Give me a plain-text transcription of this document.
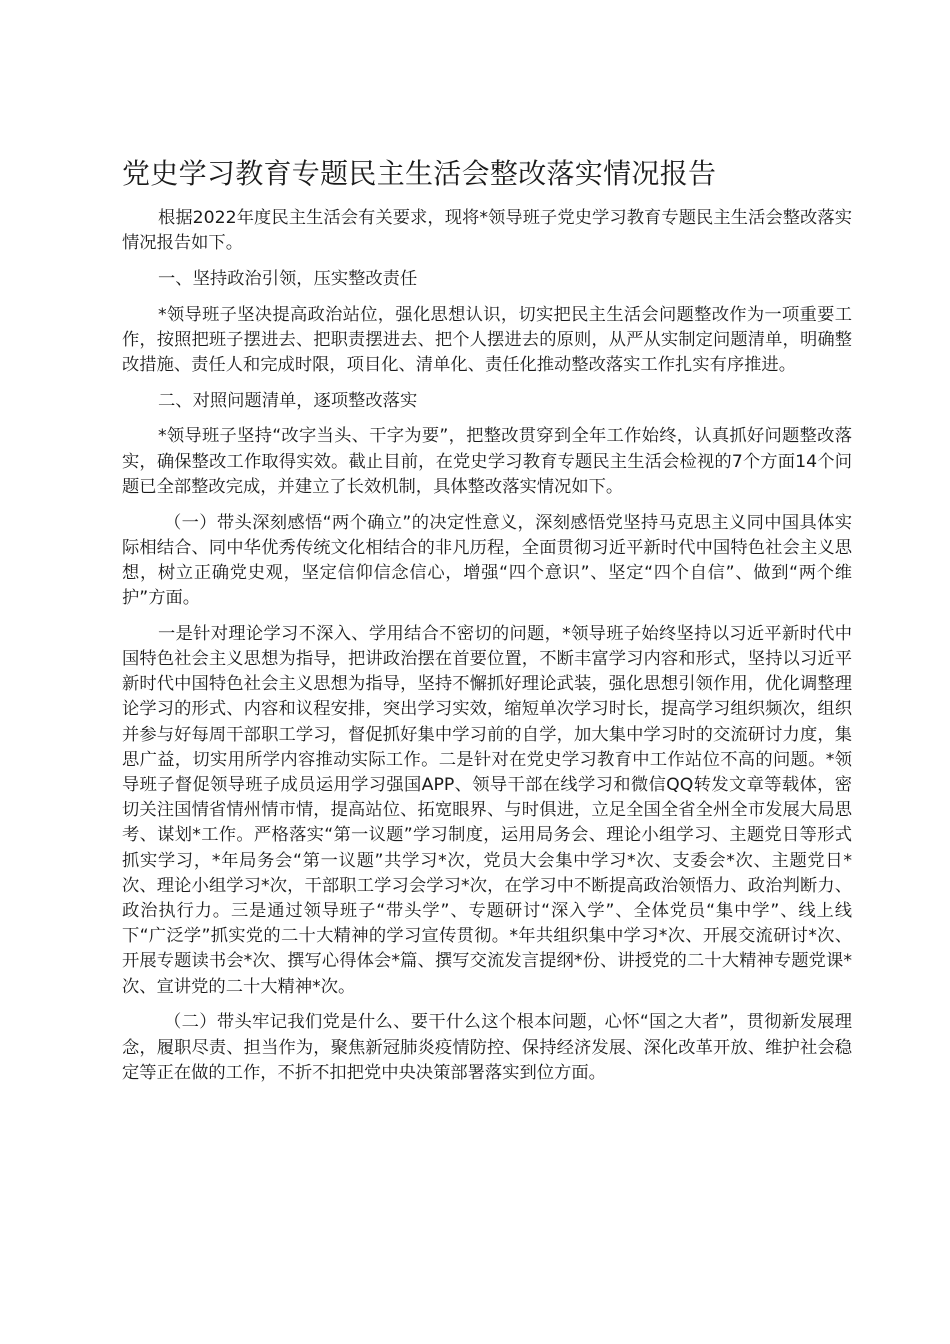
党史学习教育专题民主生活会整改落实情况报告

根据2022年度民主生活会有关要求，现将*领导班子党史学习教育专题民主生活会整改落实情况报告如下。

一、坚持政治引领，压实整改责任

*领导班子坚决提高政治站位，强化思想认识，切实把民主生活会问题整改作为一项重要工作，按照把班子摆进去、把职责摆进去、把个人摆进去的原则，从严从实制定问题清单，明确整改措施、责任人和完成时限，项目化、清单化、责任化推动整改落实工作扎实有序推进。

二、对照问题清单，逐项整改落实

*领导班子坚持“改字当头、干字为要”，把整改贯穿到全年工作始终，认真抓好问题整改落实，确保整改工作取得实效。截止目前，在党史学习教育专题民主生活会检视的7个方面14个问题已全部整改完成，并建立了长效机制，具体整改落实情况如下。

（一）带头深刻感悟“两个确立”的决定性意义，深刻感悟党坚持马克思主义同中国具体实际相结合、同中华优秀传统文化相结合的非凡历程，全面贯彻习近平新时代中国特色社会主义思想，树立正确党史观，坚定信仰信念信心，增强“四个意识”、坚定“四个自信”、做到“两个维护”方面。

一是针对理论学习不深入、学用结合不密切的问题，*领导班子始终坚持以习近平新时代中国特色社会主义思想为指导，把讲政治摆在首要位置，不断丰富学习内容和形式，坚持以习近平新时代中国特色社会主义思想为指导，坚持不懈抓好理论武装，强化思想引领作用，优化调整理论学习的形式、内容和议程安排，突出学习实效，缩短单次学习时长，提高学习组织频次，组织并参与好每周干部职工学习，督促抓好集中学习前的自学，加大集中学习时的交流研讨力度，集思广益，切实用所学内容推动实际工作。二是针对在党史学习教育中工作站位不高的问题。*领导班子督促领导班子成员运用学习强国APP、领导干部在线学习和微信QQ转发文章等载体，密切关注国情省情州情市情，提高站位、拓宽眼界、与时俱进，立足全国全省全州全市发展大局思考、谋划*工作。严格落实“第一议题”学习制度，运用局务会、理论小组学习、主题党日等形式抓实学习，*年局务会“第一议题”共学习*次，党员大会集中学习*次、支委会*次、主题党日*次、理论小组学习*次，干部职工学习会学习*次，在学习中不断提高政治领悟力、政治判断力、政治执行力。三是通过领导班子“带头学”、专题研讨“深入学”、全体党员“集中学”、线上线下“广泛学”抓实党的二十大精神的学习宣传贯彻。*年共组织集中学习*次、开展交流研讨*次、开展专题读书会*次、撰写心得体会*篇、撰写交流发言提纲*份、讲授党的二十大精神专题党课*次、宣讲党的二十大精神*次。

（二）带头牢记我们党是什么、要干什么这个根本问题，心怀“国之大者”，贯彻新发展理念，履职尽责、担当作为，聚焦新冠肺炎疫情防控、保持经济发展、深化改革开放、维护社会稳定等正在做的工作，不折不扣把党中央决策部署落实到位方面。
